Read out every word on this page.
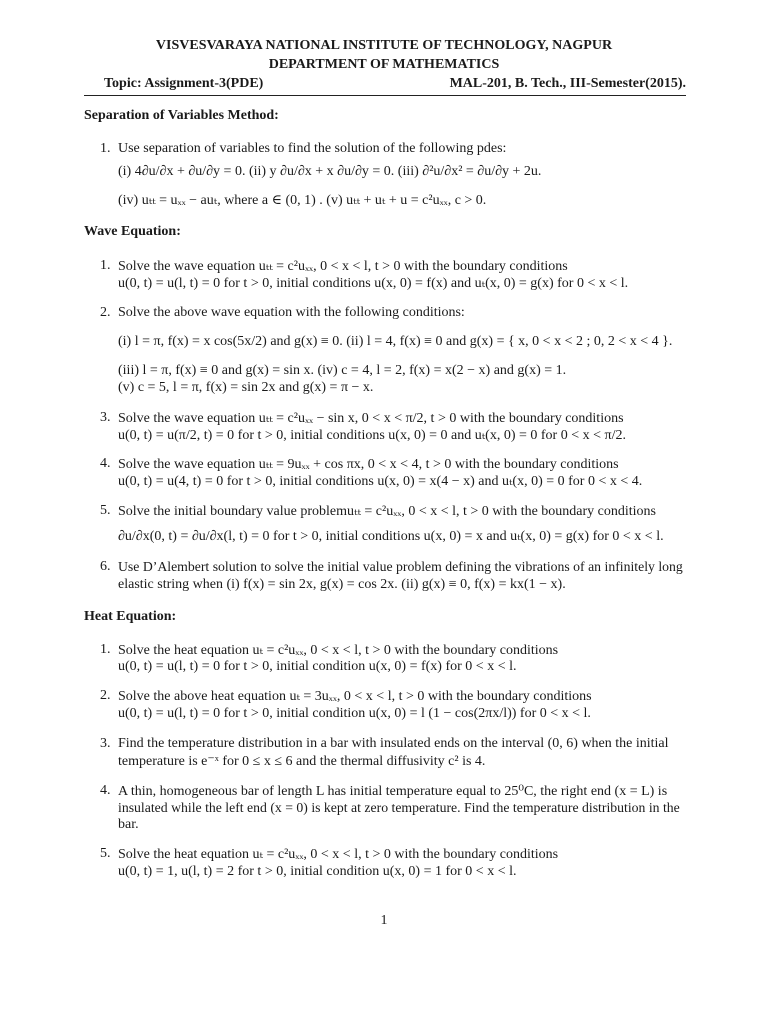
VISVESVARAYA NATIONAL INSTITUTE OF TECHNOLOGY, NAGPUR
DEPARTMENT OF MATHEMATICS
Topic: Assignment-3(PDE)	MAL-201, B. Tech., III-Semester(2015).
Separation of Variables Method:
1. Use separation of variables to find the solution of the following pdes:
(i) 4∂u/∂x + ∂u/∂y = 0. (ii) y ∂u/∂x + x ∂u/∂y = 0. (iii) ∂²u/∂x² = ∂u/∂y + 2u.
(iv) uₜₜ = uₓₓ − auₜ, where a ∈ (0, 1) . (v) uₜₜ + uₜ + u = c²uₓₓ, c > 0.
Wave Equation:
1. Solve the wave equation uₜₜ = c²uₓₓ, 0 < x < l, t > 0 with the boundary conditions
u(0, t) = u(l, t) = 0 for t > 0, initial conditions u(x, 0) = f(x) and uₜ(x, 0) = g(x) for 0 < x < l.
2. Solve the above wave equation with the following conditions:
(i) l = π, f(x) = x cos(5x/2) and g(x) ≡ 0. (ii) l = 4, f(x) ≡ 0 and g(x) = { x, 0 < x < 2 ; 0, 2 < x < 4 }.
(iii) l = π, f(x) ≡ 0 and g(x) = sin x. (iv) c = 4, l = 2, f(x) = x(2 − x) and g(x) = 1.
(v) c = 5, l = π, f(x) = sin 2x and g(x) = π − x.
3. Solve the wave equation uₜₜ = c²uₓₓ − sin x, 0 < x < π/2, t > 0 with the boundary conditions
u(0, t) = u(π/2, t) = 0 for t > 0, initial conditions u(x, 0) = 0 and uₜ(x, 0) = 0 for 0 < x < π/2.
4. Solve the wave equation uₜₜ = 9uₓₓ + cos πx, 0 < x < 4, t > 0 with the boundary conditions
u(0, t) = u(4, t) = 0 for t > 0, initial conditions u(x, 0) = x(4 − x) and uₜ(x, 0) = 0 for 0 < x < 4.
5. Solve the initial boundary value problemuₜₜ = c²uₓₓ, 0 < x < l, t > 0 with the boundary conditions
∂u/∂x(0, t) = ∂u/∂x(l, t) = 0 for t > 0, initial conditions u(x, 0) = x and uₜ(x, 0) = g(x) for 0 < x < l.
6. Use D’Alembert solution to solve the initial value problem defining the vibrations of an infinitely long
elastic string when (i) f(x) = sin 2x, g(x) = cos 2x. (ii) g(x) ≡ 0, f(x) = kx(1 − x).
Heat Equation:
1. Solve the heat equation uₜ = c²uₓₓ, 0 < x < l, t > 0 with the boundary conditions
u(0, t) = u(l, t) = 0 for t > 0, initial condition u(x, 0) = f(x) for 0 < x < l.
2. Solve the above heat equation uₜ = 3uₓₓ, 0 < x < l, t > 0 with the boundary conditions
u(0, t) = u(l, t) = 0 for t > 0, initial condition u(x, 0) = l (1 − cos(2πx/l)) for 0 < x < l.
3. Find the temperature distribution in a bar with insulated ends on the interval (0, 6) when the initial
temperature is e⁻ˣ for 0 ≤ x ≤ 6 and the thermal diffusivity c² is 4.
4. A thin, homogeneous bar of length L has initial temperature equal to 25⁰C, the right end (x = L) is
insulated while the left end (x = 0) is kept at zero temperature. Find the temperature distribution in the
bar.
5. Solve the heat equation uₜ = c²uₓₓ, 0 < x < l, t > 0 with the boundary conditions
u(0, t) = 1, u(l, t) = 2 for t > 0, initial condition u(x, 0) = 1 for 0 < x < l.
1
